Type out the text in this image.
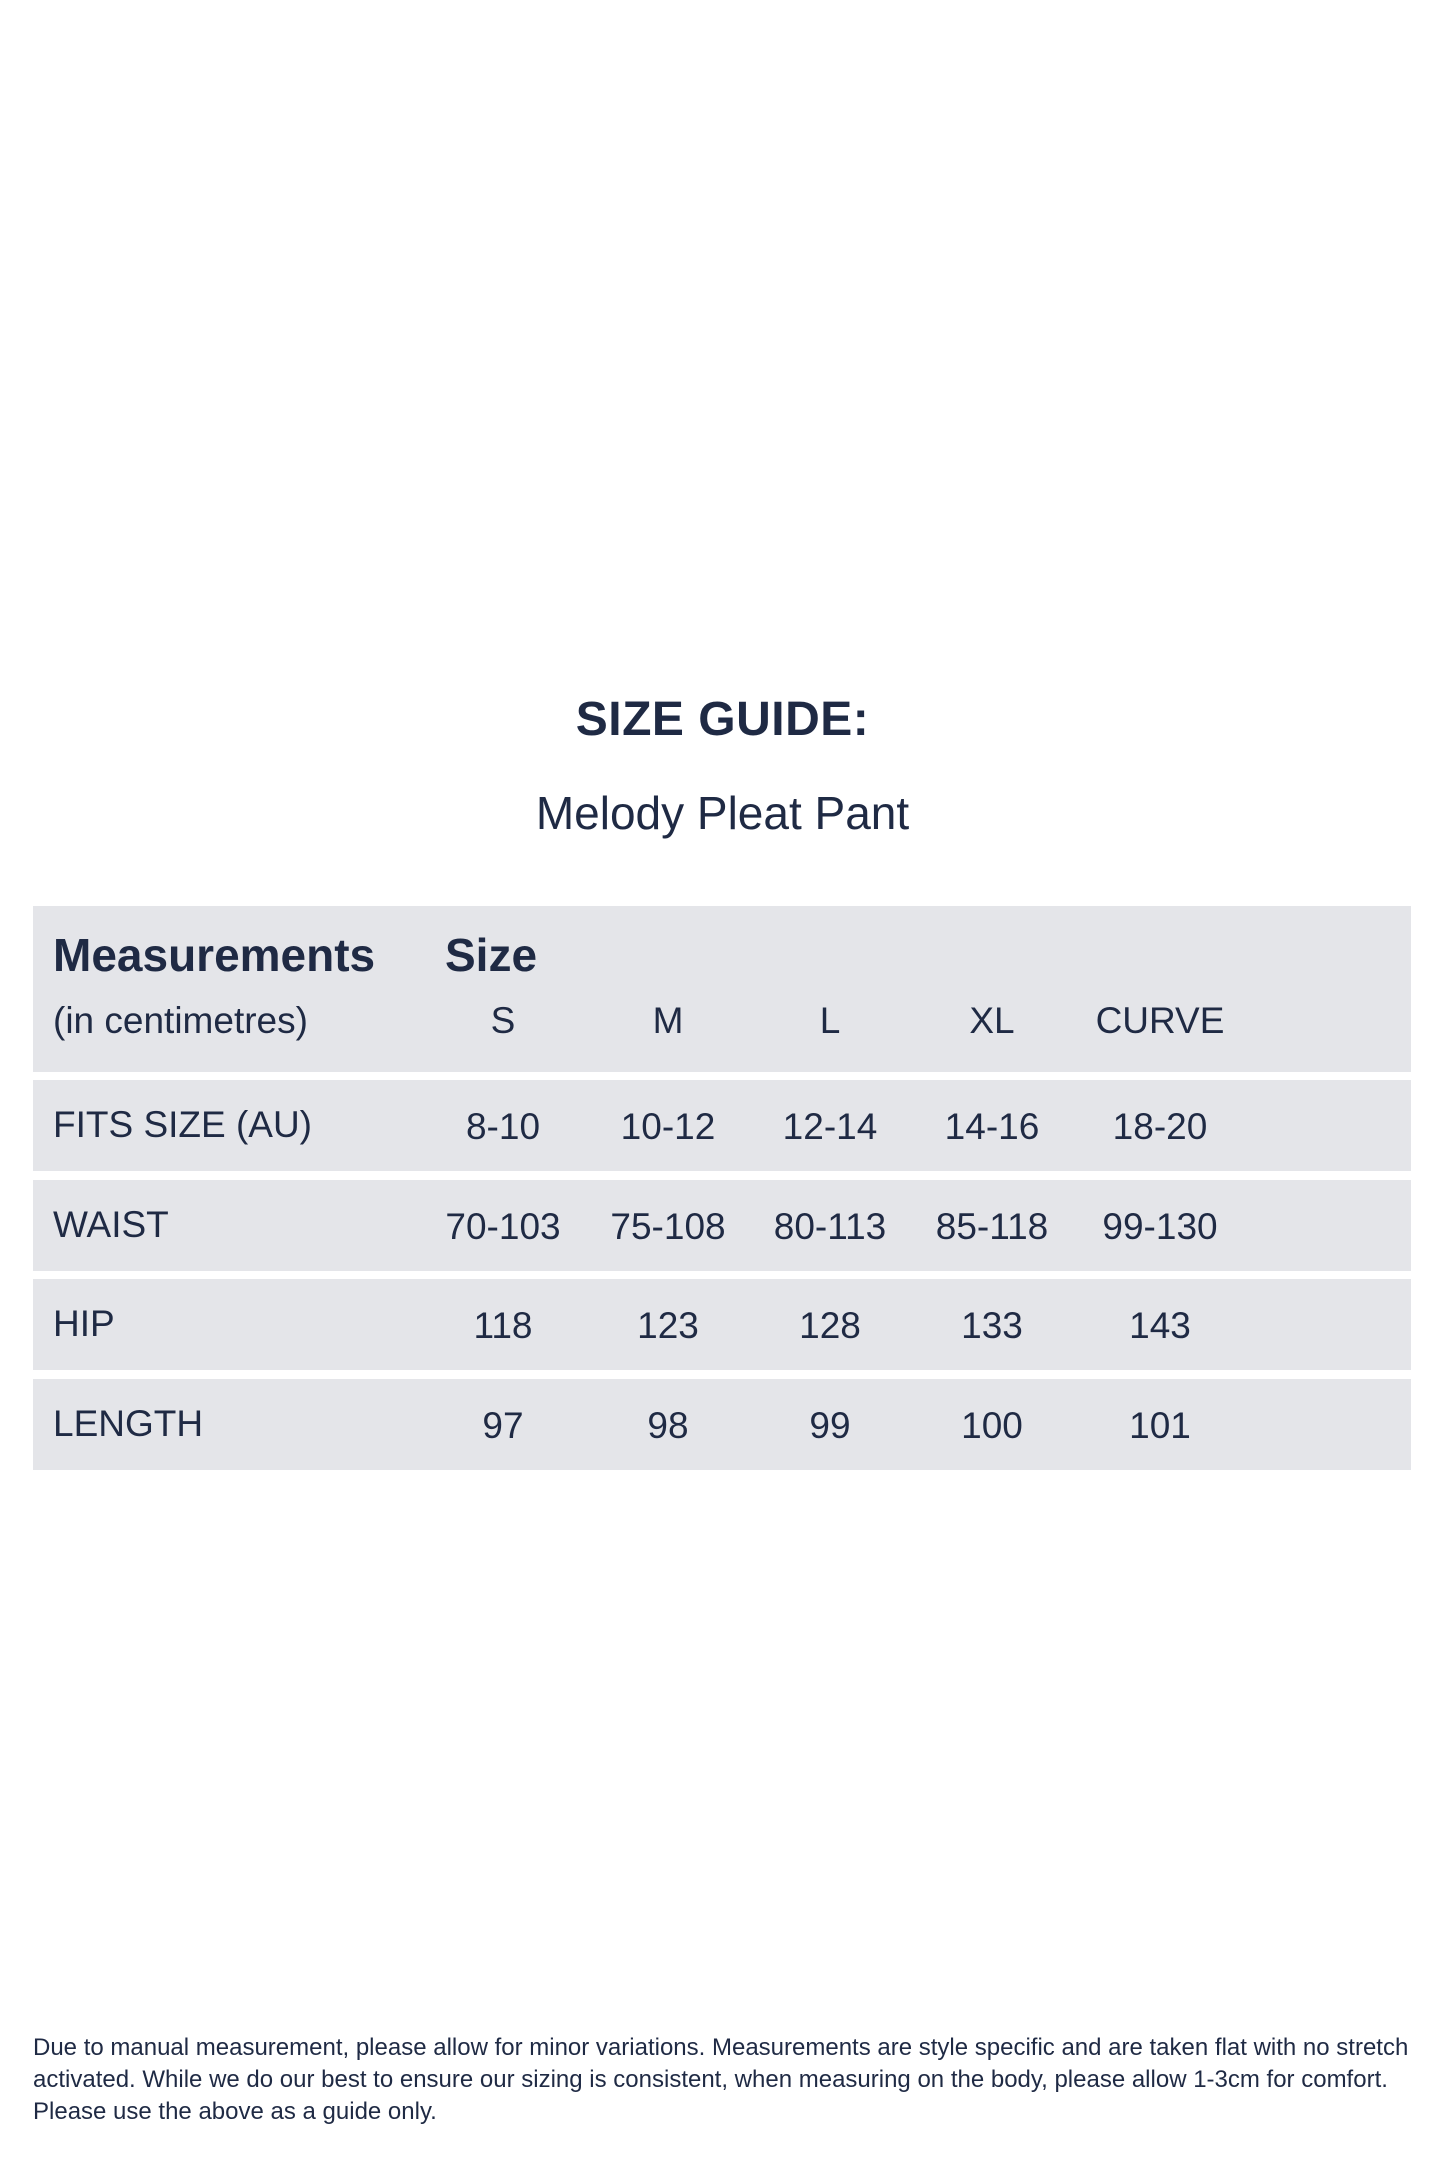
SIZE GUIDE:
Melody Pleat Pant
Measurements Size
(in centimetres)	S	M	L	XL	CURVE
FITS SIZE (AU)	8-10	10-12	12-14	14-16	18-20
WAIST	70-103	75-108	80-113	85-118	99-130
HIP	118	123	128	133	143
LENGTH	97	98	99	100	101
Due to manual measurement, please allow for minor variations. Measurements are style specific and are taken flat with no stretch activated. While we do our best to ensure our sizing is consistent, when measuring on the body, please allow 1-3cm for comfort. Please use the above as a guide only.
